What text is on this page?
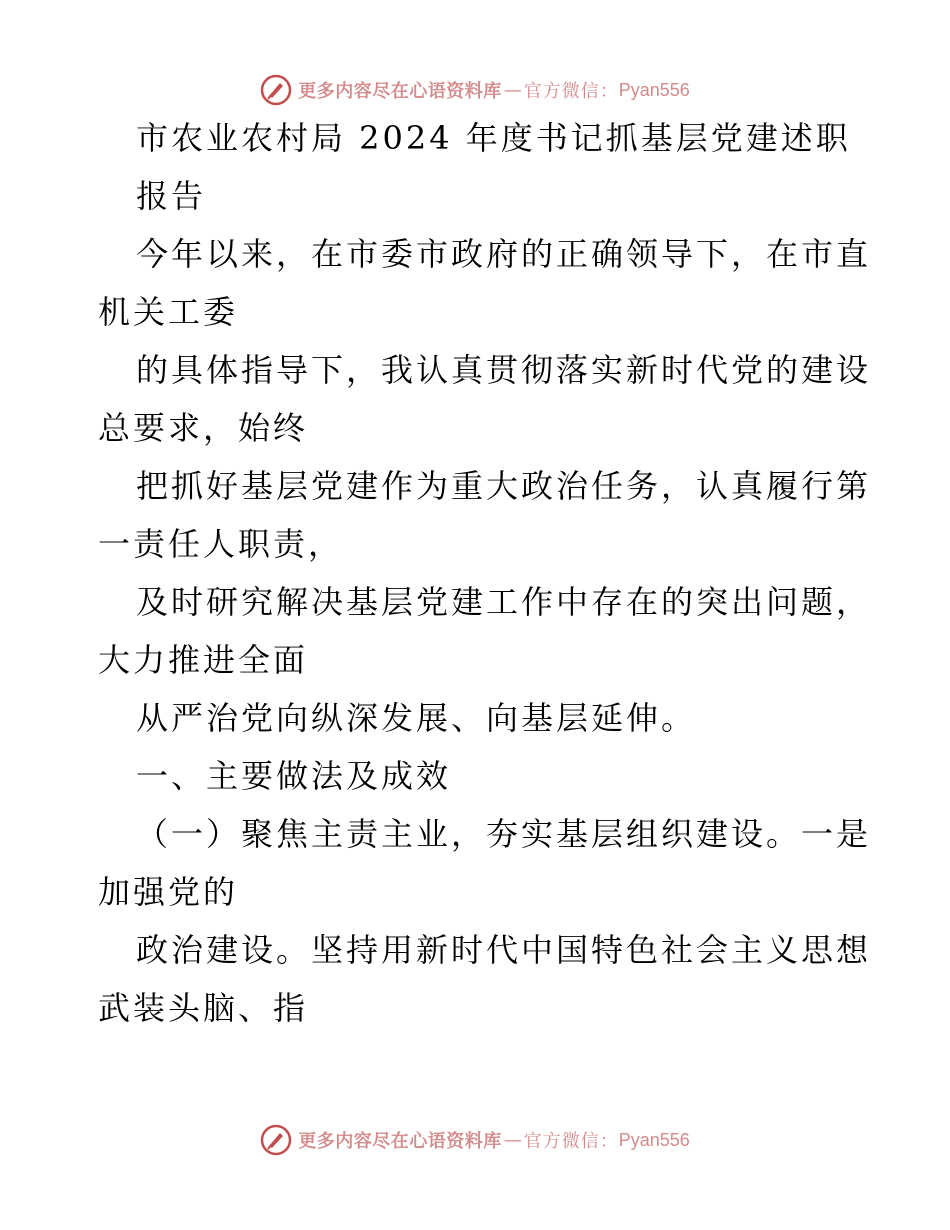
更多内容尽在心语资料库 — 官方微信： Pyan556
市农业农村局 2024 年度书记抓基层党建述职
报告
今年以来，在市委市政府的正确领导下，在市直
机关工委
的具体指导下，我认真贯彻落实新时代党的建设
总要求，始终
把抓好基层党建作为重大政治任务，认真履行第
一责任人职责，
及时研究解决基层党建工作中存在的突出问题，
大力推进全面
从严治党向纵深发展、向基层延伸。
一、主要做法及成效
（一）聚焦主责主业，夯实基层组织建设。一是
加强党的
政治建设。坚持用新时代中国特色社会主义思想
武装头脑、指
更多内容尽在心语资料库 — 官方微信： Pyan556
